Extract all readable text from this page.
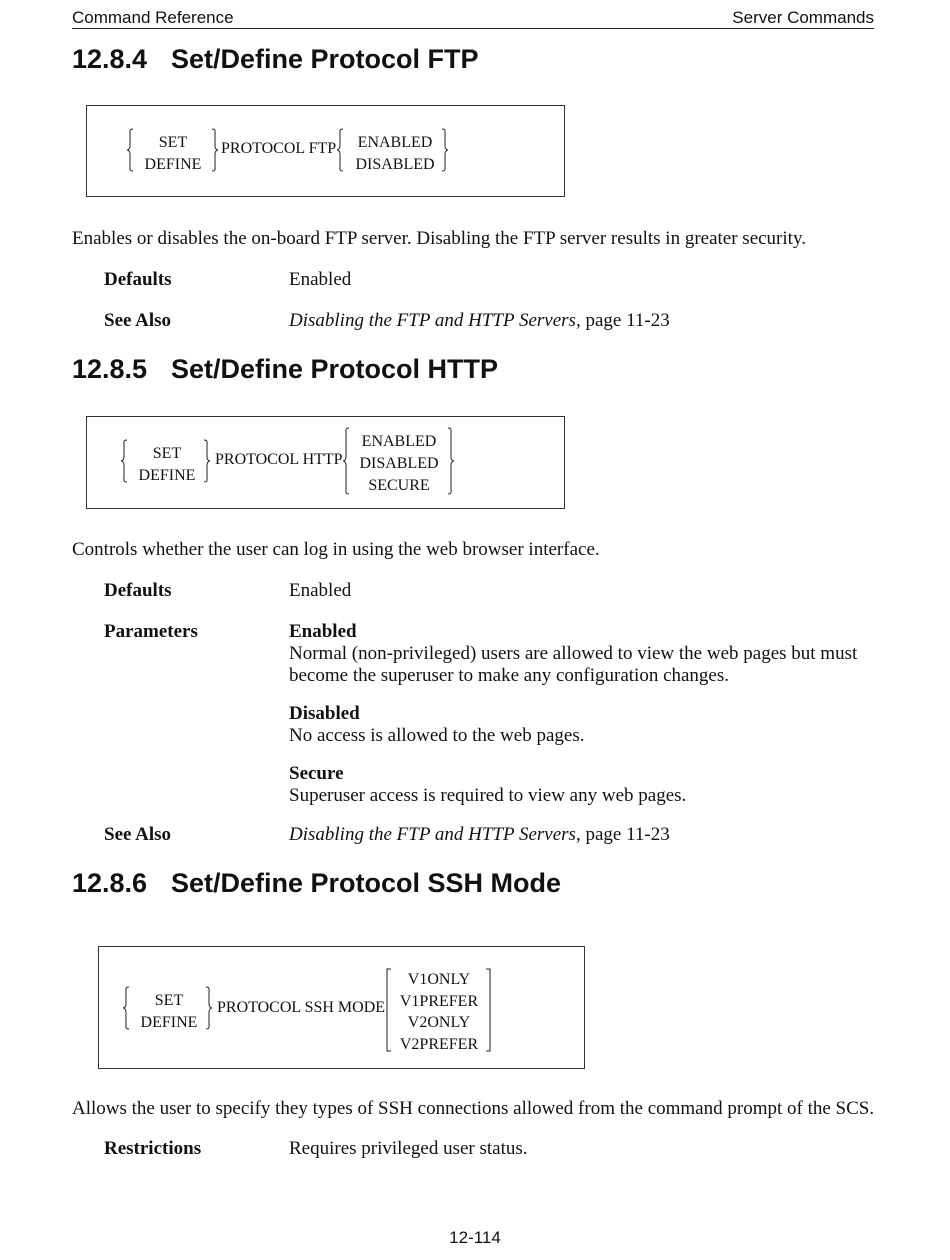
Command Reference	Server Commands
12.8.4 Set/Define Protocol FTP
SET
DEFINE
PROTOCOL FTP	ENABLED
DISABLED
Enables or disables the on-board FTP server. Disabling the FTP server results in greater security.
Defaults	Enabled
See Also	Disabling the FTP and HTTP Servers, page 11-23
12.8.5 Set/Define Protocol HTTP
SET
DEFINE
PROTOCOL HTTP
ENABLED
DISABLED
SECURE
Controls whether the user can log in using the web browser interface.
Defaults	Enabled
Parameters	Enabled
Normal (non-privileged) users are allowed to view the web pages but must
become the superuser to make any configuration changes.
Disabled
No access is allowed to the web pages.
Secure
Superuser access is required to view any web pages.
See Also	Disabling the FTP and HTTP Servers, page 11-23
12.8.6 Set/Define Protocol SSH Mode
SET
DEFINE
PROTOCOL SSH MODE
V1ONLY
V1PREFER
V2ONLY
V2PREFER
Allows the user to specify they types of SSH connections allowed from the command prompt of the SCS.
Restrictions	Requires privileged user status.
12-114
